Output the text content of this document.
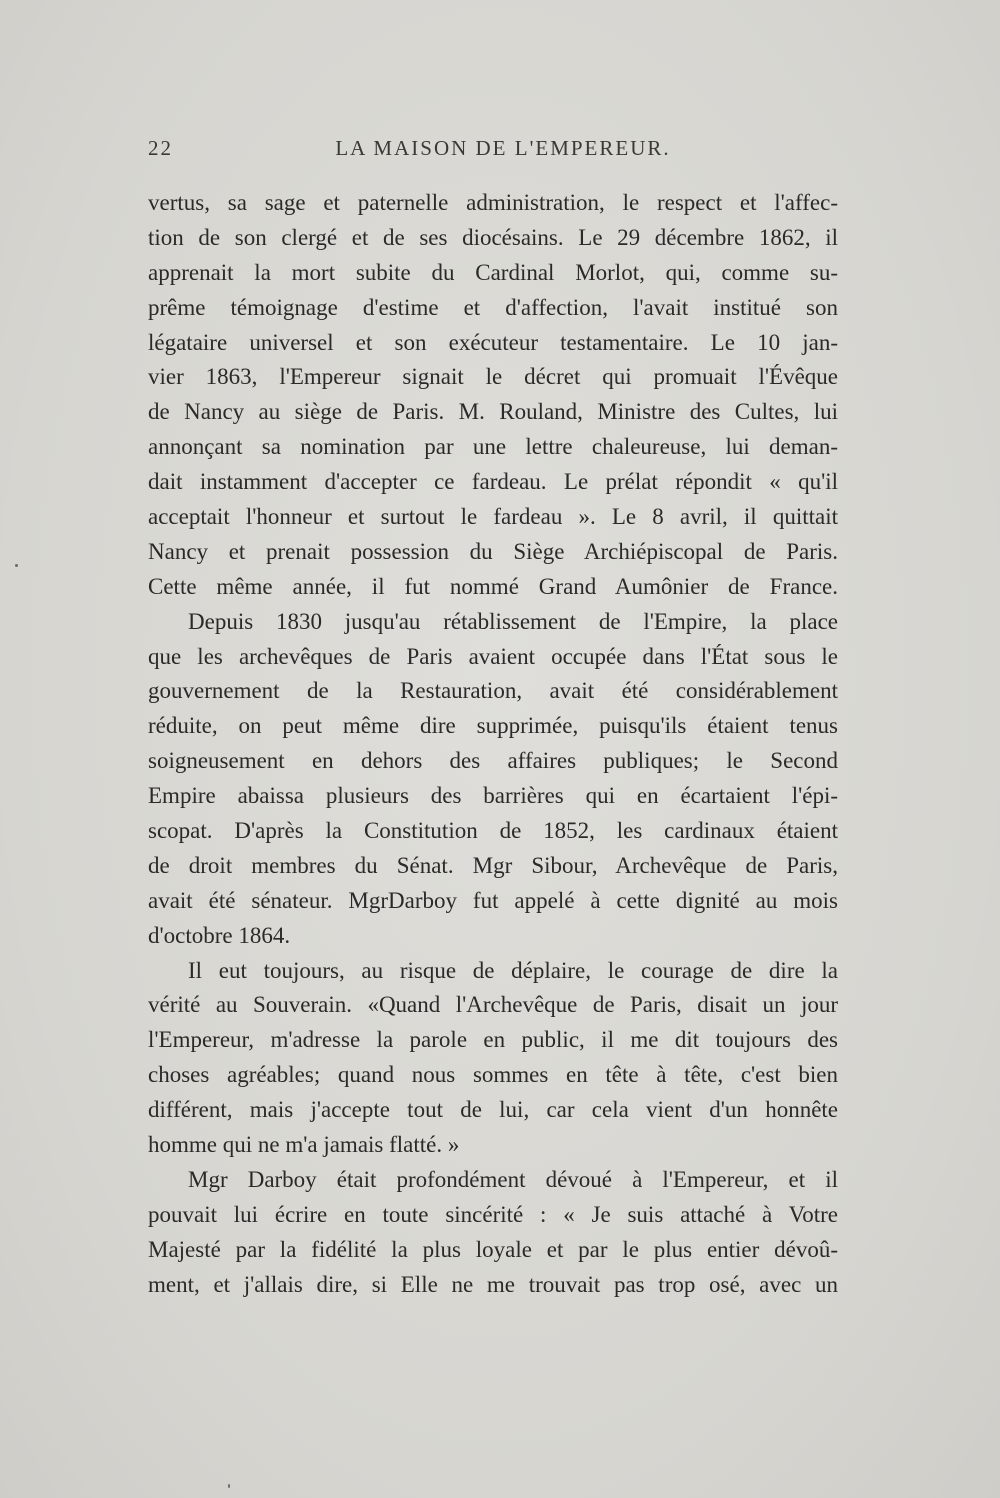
22	LA MAISON DE L'EMPEREUR.
vertus, sa sage et paternelle administration, le respect et l'affec-
tion de son clergé et de ses diocésains. Le 29 décembre 1862, il
apprenait la mort subite du Cardinal Morlot, qui, comme su-
prême témoignage d'estime et d'affection, l'avait institué son
légataire universel et son exécuteur testamentaire. Le 10 jan-
vier 1863, l'Empereur signait le décret qui promuait l'Évêque
de Nancy au siège de Paris. M. Rouland, Ministre des Cultes, lui
annonçant sa nomination par une lettre chaleureuse, lui deman-
dait instamment d'accepter ce fardeau. Le prélat répondit « qu'il
acceptait l'honneur et surtout le fardeau ». Le 8 avril, il quittait
Nancy et prenait possession du Siège Archiépiscopal de Paris.
Cette même année, il fut nommé Grand Aumônier de France.
Depuis 1830 jusqu'au rétablissement de l'Empire, la place
que les archevêques de Paris avaient occupée dans l'État sous le
gouvernement de la Restauration, avait été considérablement
réduite, on peut même dire supprimée, puisqu'ils étaient tenus
soigneusement en dehors des affaires publiques; le Second
Empire abaissa plusieurs des barrières qui en écartaient l'épi-
scopat. D'après la Constitution de 1852, les cardinaux étaient
de droit membres du Sénat. Mgr Sibour, Archevêque de Paris,
avait été sénateur. MgrDarboy fut appelé à cette dignité au mois
d'octobre 1864.
Il eut toujours, au risque de déplaire, le courage de dire la
vérité au Souverain. «Quand l'Archevêque de Paris, disait un jour
l'Empereur, m'adresse la parole en public, il me dit toujours des
choses agréables; quand nous sommes en tête à tête, c'est bien
différent, mais j'accepte tout de lui, car cela vient d'un honnête
homme qui ne m'a jamais flatté. »
Mgr Darboy était profondément dévoué à l'Empereur, et il
pouvait lui écrire en toute sincérité : « Je suis attaché à Votre
Majesté par la fidélité la plus loyale et par le plus entier dévoû-
ment, et j'allais dire, si Elle ne me trouvait pas trop osé, avec un
